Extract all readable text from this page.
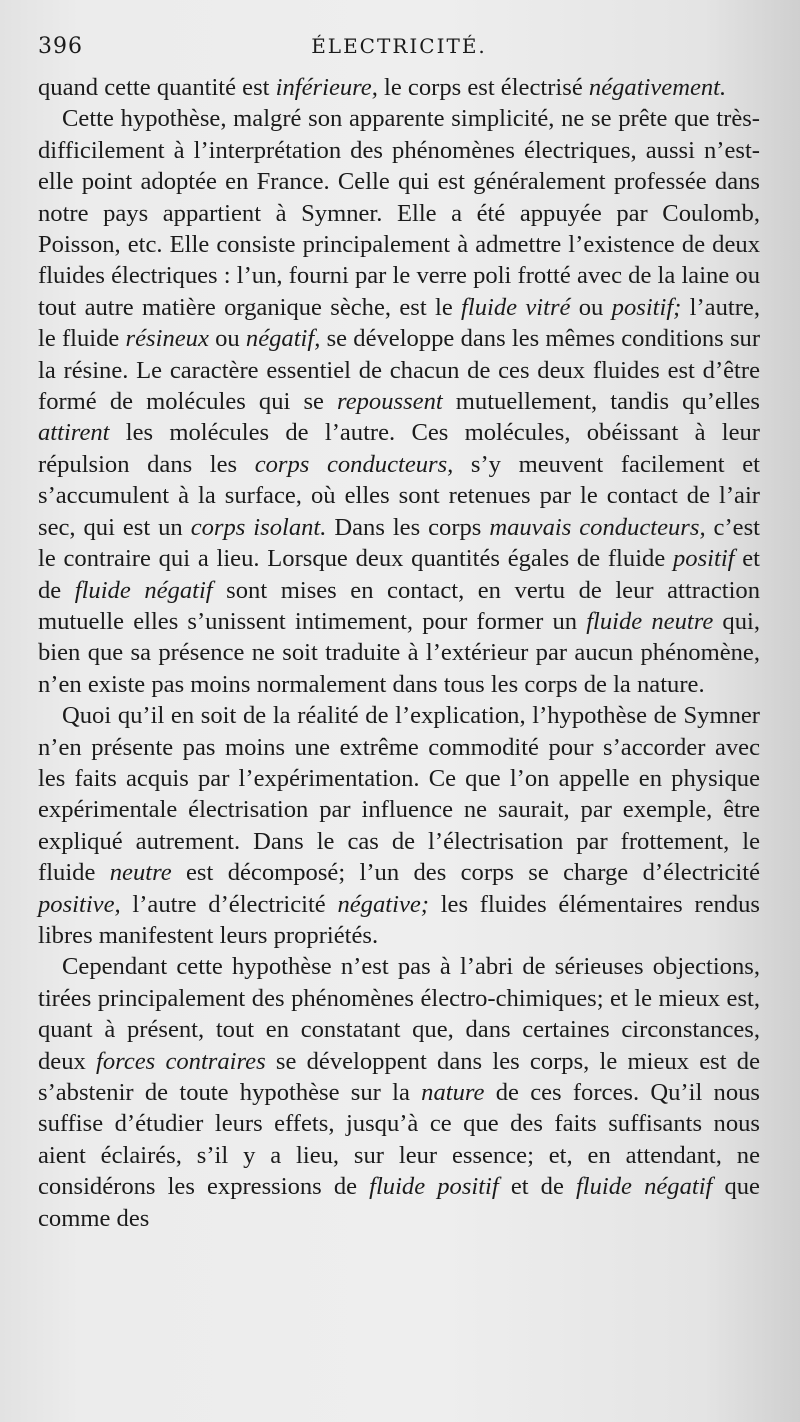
396	ÉLECTRICITÉ.

quand cette quantité est inférieure, le corps est électrisé négativement.

Cette hypothèse, malgré son apparente simplicité, ne se prête que très-difficilement à l’interprétation des phénomènes électriques, aussi n’est-elle point adoptée en France. Celle qui est généralement professée dans notre pays appartient à Symner. Elle a été appuyée par Coulomb, Poisson, etc. Elle consiste principalement à admettre l’existence de deux fluides électriques : l’un, fourni par le verre poli frotté avec de la laine ou tout autre matière organique sèche, est le fluide vitré ou positif; l’autre, le fluide résineux ou négatif, se développe dans les mêmes conditions sur la résine. Le caractère essentiel de chacun de ces deux fluides est d’être formé de molécules qui se repoussent mutuellement, tandis qu’elles attirent les molécules de l’autre. Ces molécules, obéissant à leur répulsion dans les corps conducteurs, s’y meuvent facilement et s’accumulent à la surface, où elles sont retenues par le contact de l’air sec, qui est un corps isolant. Dans les corps mauvais conducteurs, c’est le contraire qui a lieu. Lorsque deux quantités égales de fluide positif et de fluide négatif sont mises en contact, en vertu de leur attraction mutuelle elles s’unissent intimement, pour former un fluide neutre qui, bien que sa présence ne soit traduite à l’extérieur par aucun phénomène, n’en existe pas moins normalement dans tous les corps de la nature.

Quoi qu’il en soit de la réalité de l’explication, l’hypothèse de Symner n’en présente pas moins une extrême commodité pour s’accorder avec les faits acquis par l’expérimentation. Ce que l’on appelle en physique expérimentale électrisation par influence ne saurait, par exemple, être expliqué autrement. Dans le cas de l’électrisation par frottement, le fluide neutre est décomposé; l’un des corps se charge d’électricité positive, l’autre d’électricité négative; les fluides élémentaires rendus libres manifestent leurs propriétés.

Cependant cette hypothèse n’est pas à l’abri de sérieuses objections, tirées principalement des phénomènes électro-chimiques; et le mieux est, quant à présent, tout en constatant que, dans certaines circonstances, deux forces contraires se développent dans les corps, le mieux est de s’abstenir de toute hypothèse sur la nature de ces forces. Qu’il nous suffise d’étudier leurs effets, jusqu’à ce que des faits suffisants nous aient éclairés, s’il y a lieu, sur leur essence; et, en attendant, ne considérons les expressions de fluide positif et de fluide négatif que comme des
